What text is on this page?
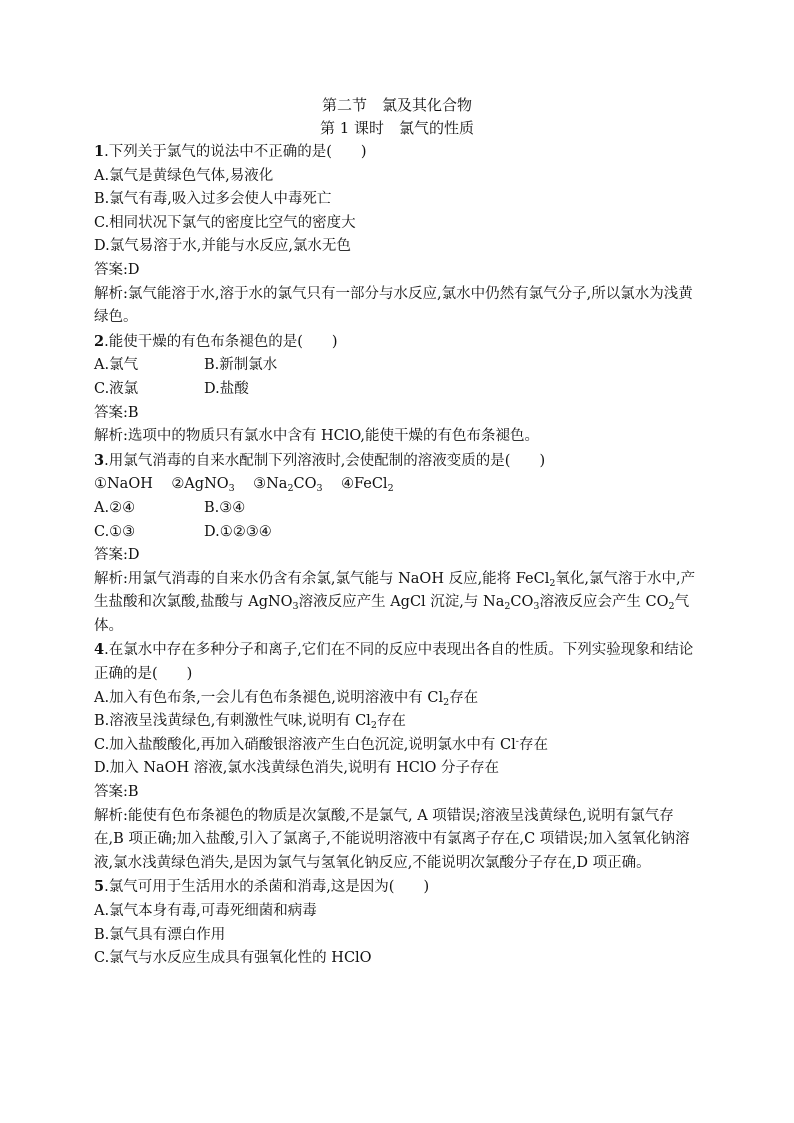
第二节　氯及其化合物
第 1 课时　氯气的性质
1.下列关于氯气的说法中不正确的是(　　)
A.氯气是黄绿色气体,易液化
B.氯气有毒,吸入过多会使人中毒死亡
C.相同状况下氯气的密度比空气的密度大
D.氯气易溶于水,并能与水反应,氯水无色
答案:D
解析:氯气能溶于水,溶于水的氯气只有一部分与水反应,氯水中仍然有氯气分子,所以氯水为浅黄绿色。
2.能使干燥的有色布条褪色的是(　　)
A.氯气	B.新制氯水
C.液氯	D.盐酸
答案:B
解析:选项中的物质只有氯水中含有 HClO,能使干燥的有色布条褪色。
3.用氯气消毒的自来水配制下列溶液时,会使配制的溶液变质的是(　　)
①NaOH ②AgNO$_3$ $③Na_2CO_3$ ④FeCl$_2$
A.②④	B.③④
C.①③	D.①②③④
答案:D
解析:用氯气消毒的自来水仍含有余氯,氯气能与 NaOH 反应,能将 FeCl$_2$氧化,氯气溶于水中,产生盐酸和次氯酸,盐酸与 AgNO$_3$溶液反应产生 AgCl 沉淀,与 $Na_2CO_3$溶液反应会产生 $CO_2$气体。
4.在氯水中存在多种分子和离子,它们在不同的反应中表现出各自的性质。下列实验现象和结论正确的是(　　)
A.加入有色布条,一会儿有色布条褪色,说明溶液中有 $Cl_2$存在
B.溶液呈浅黄绿色,有刺激性气味,说明有 $Cl_2$存在
C.加入盐酸酸化,再加入硝酸银溶液产生白色沉淀,说明氯水中有 Cl-存在
D.加入 NaOH 溶液,氯水浅黄绿色消失,说明有 HClO 分子存在
答案:B
解析:能使有色布条褪色的物质是次氯酸,不是氯气, A 项错误;溶液呈浅黄绿色,说明有氯气存在,B 项正确;加入盐酸,引入了氯离子,不能说明溶液中有氯离子存在,C 项错误;加入氢氧化钠溶液,氯水浅黄绿色消失,是因为氯气与氢氧化钠反应,不能说明次氯酸分子存在,D 项正确。
5.氯气可用于生活用水的杀菌和消毒,这是因为(　　)
A.氯气本身有毒,可毒死细菌和病毒
B.氯气具有漂白作用
C.氯气与水反应生成具有强氧化性的 HClO
